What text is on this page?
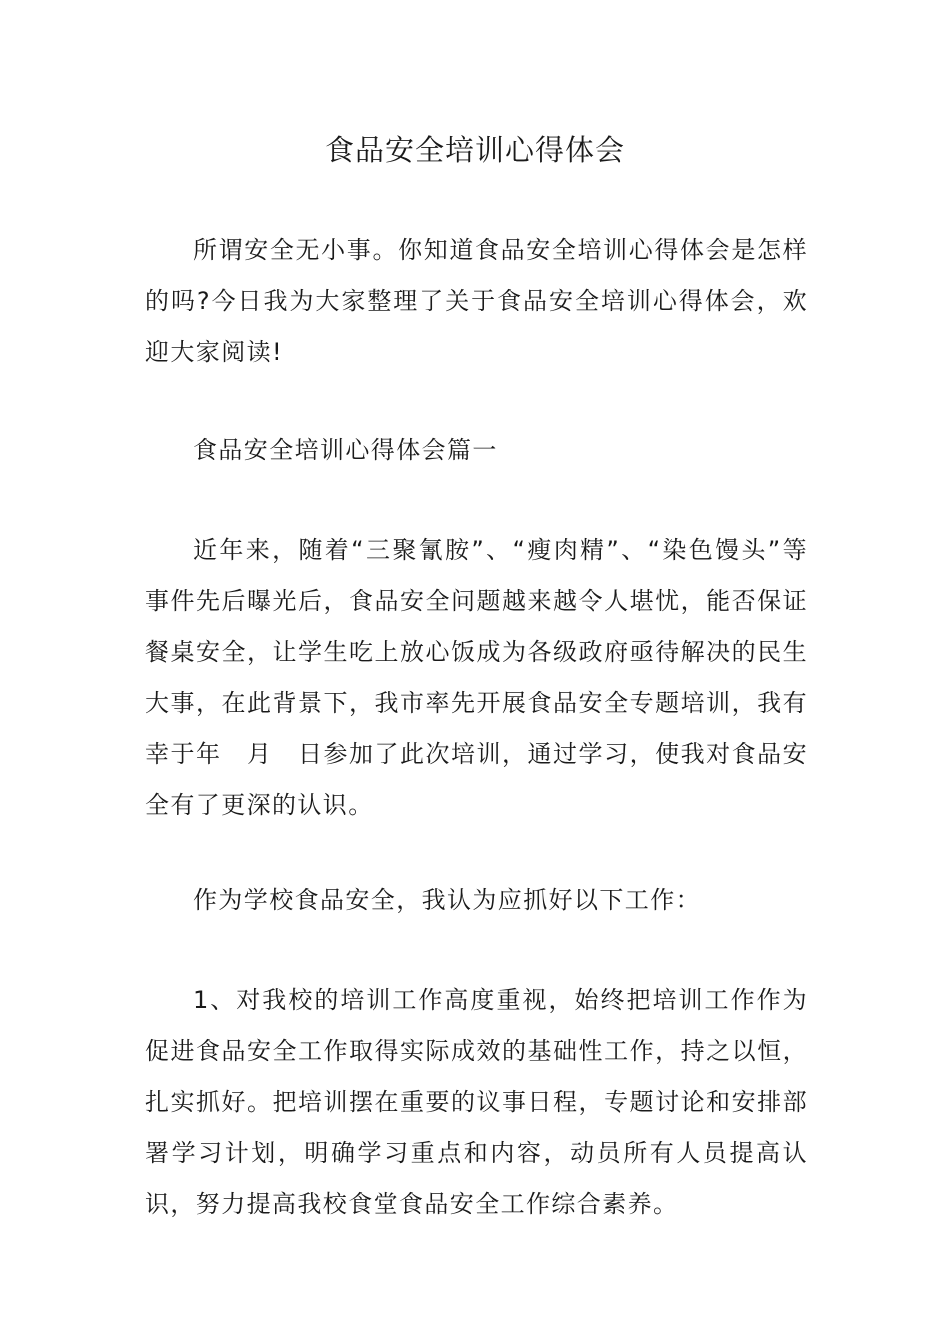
食品安全培训心得体会

所谓安全无小事。你知道食品安全培训心得体会是怎样的吗?今日我为大家整理了关于食品安全培训心得体会，欢迎大家阅读!

食品安全培训心得体会篇一

近年来，随着“三聚氰胺”、“瘦肉精”、“染色馒头”等事件先后曝光后，食品安全问题越来越令人堪忧，能否保证餐桌安全，让学生吃上放心饭成为各级政府亟待解决的民生大事，在此背景下，我市率先开展食品安全专题培训，我有幸于年　月　日参加了此次培训，通过学习，使我对食品安全有了更深的认识。

作为学校食品安全，我认为应抓好以下工作：

1、对我校的培训工作高度重视，始终把培训工作作为促进食品安全工作取得实际成效的基础性工作，持之以恒，扎实抓好。把培训摆在重要的议事日程，专题讨论和安排部署学习计划，明确学习重点和内容，动员所有人员提高认识，努力提高我校食堂食品安全工作综合素养。
